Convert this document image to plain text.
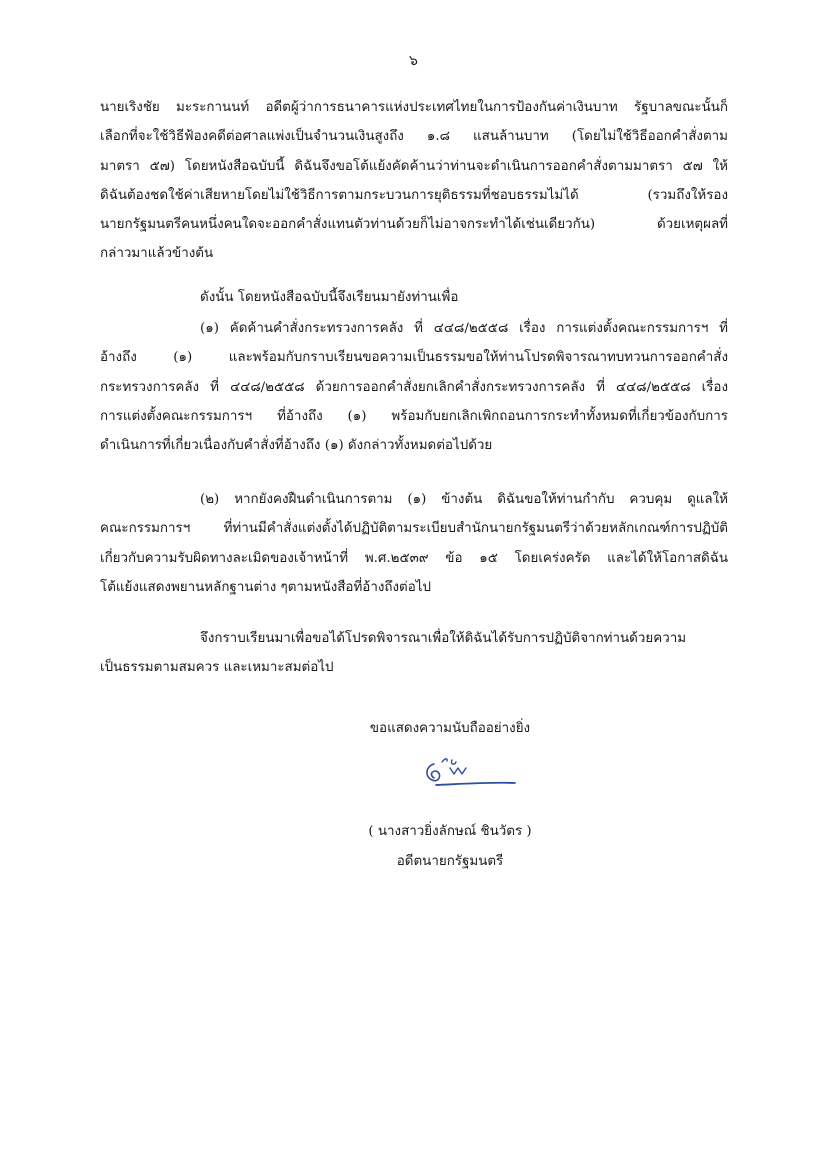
๖

นายเริงชัย มะระกานนท์ อดีตผู้ว่าการธนาคารแห่งประเทศไทยในการป้องกันค่าเงินบาท รัฐบาลขณะนั้นก็
เลือกที่จะใช้วิธีฟ้องคดีต่อศาลแพ่งเป็นจำนวนเงินสูงถึง ๑.๘ แสนล้านบาท (โดยไม่ใช้วิธีออกคำสั่งตาม
มาตรา ๕๗) โดยหนังสือฉบับนี้ ดิฉันจึงขอโต้แย้งคัดค้านว่าท่านจะดำเนินการออกคำสั่งตามมาตรา ๕๗ ให้
ดิฉันต้องชดใช้ค่าเสียหายโดยไม่ใช้วิธีการตามกระบวนการยุติธรรมที่ชอบธรรมไม่ได้ (รวมถึงให้รอง
นายกรัฐมนตรีคนหนึ่งคนใดจะออกคำสั่งแทนตัวท่านด้วยก็ไม่อาจกระทำได้เช่นเดียวกัน) ด้วยเหตุผลที่
กล่าวมาแล้วข้างต้น

ดังนั้น โดยหนังสือฉบับนี้จึงเรียนมายังท่านเพื่อ

(๑) คัดค้านคำสั่งกระทรวงการคลัง ที่ ๔๔๘/๒๕๕๘ เรื่อง การแต่งตั้งคณะกรรมการฯ ที่
อ้างถึง (๑) และพร้อมกับกราบเรียนขอความเป็นธรรมขอให้ท่านโปรดพิจารณาทบทวนการออกคำสั่ง
กระทรวงการคลัง ที่ ๔๔๘/๒๕๕๘ ด้วยการออกคำสั่งยกเลิกคำสั่งกระทรวงการคลัง ที่ ๔๔๘/๒๕๕๘ เรื่อง
การแต่งตั้งคณะกรรมการฯ ที่อ้างถึง (๑) พร้อมกับยกเลิกเพิกถอนการกระทำทั้งหมดที่เกี่ยวข้องกับการ
ดำเนินการที่เกี่ยวเนื่องกับคำสั่งที่อ้างถึง (๑) ดังกล่าวทั้งหมดต่อไปด้วย

(๒) หากยังคงฝืนดำเนินการตาม (๑) ข้างต้น ดิฉันขอให้ท่านกำกับ ควบคุม ดูแลให้
คณะกรรมการฯ ที่ท่านมีคำสั่งแต่งตั้งได้ปฏิบัติตามระเบียบสำนักนายกรัฐมนตรีว่าด้วยหลักเกณฑ์การปฏิบัติ
เกี่ยวกับความรับผิดทางละเมิดของเจ้าหน้าที่ พ.ศ.๒๕๓๙ ข้อ ๑๕ โดยเคร่งครัด และได้ให้โอกาสดิฉัน
โต้แย้งแสดงพยานหลักฐานต่าง ๆตามหนังสือที่อ้างถึงต่อไป

จึงกราบเรียนมาเพื่อขอได้โปรดพิจารณาเพื่อให้ดิฉันได้รับการปฏิบัติจากท่านด้วยความ
เป็นธรรมตามสมควร และเหมาะสมต่อไป

ขอแสดงความนับถืออย่างยิ่ง
( นางสาวยิ่งลักษณ์ ชินวัตร )
อดีตนายกรัฐมนตรี
